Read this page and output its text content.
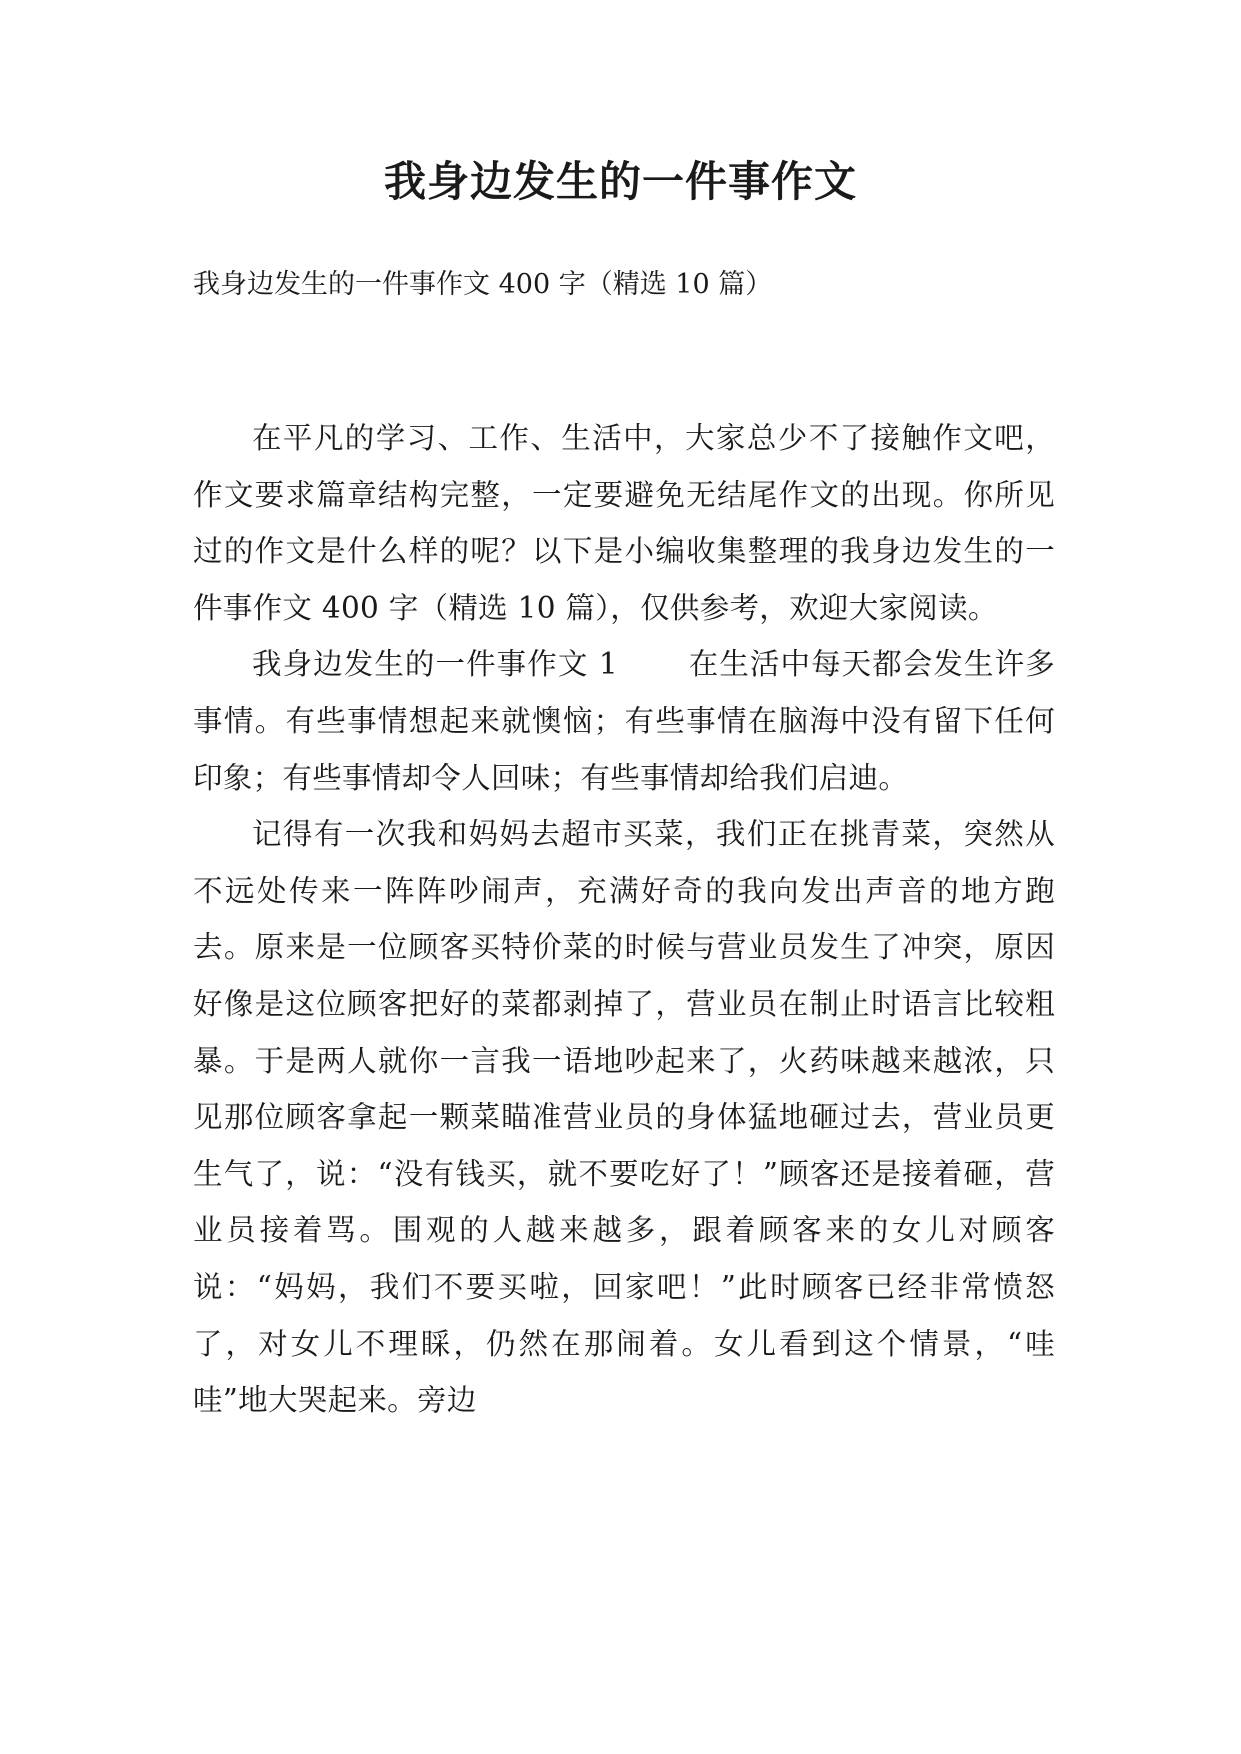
我身边发生的一件事作文
我身边发生的一件事作文 400 字（精选 10 篇）

在平凡的学习、工作、生活中，大家总少不了接触作文吧，作文要求篇章结构完整，一定要避免无结尾作文的出现。你所见过的作文是什么样的呢？以下是小编收集整理的我身边发生的一件事作文 400 字（精选 10 篇），仅供参考，欢迎大家阅读。

我身边发生的一件事作文 1 在生活中每天都会发生许多事情。有些事情想起来就懊恼；有些事情在脑海中没有留下任何印象；有些事情却令人回味；有些事情却给我们启迪。

记得有一次我和妈妈去超市买菜，我们正在挑青菜，突然从不远处传来一阵阵吵闹声，充满好奇的我向发出声音的地方跑去。原来是一位顾客买特价菜的时候与营业员发生了冲突，原因好像是这位顾客把好的菜都剥掉了，营业员在制止时语言比较粗暴。于是两人就你一言我一语地吵起来了，火药味越来越浓，只见那位顾客拿起一颗菜瞄准营业员的身体猛地砸过去，营业员更生气了，说：“没有钱买，就不要吃好了！”顾客还是接着砸，营业员接着骂。围观的人越来越多，跟着顾客来的女儿对顾客说：“妈妈，我们不要买啦，回家吧！”此时顾客已经非常愤怒了，对女儿不理睬，仍然在那闹着。女儿看到这个情景，“哇哇”地大哭起来。旁边
